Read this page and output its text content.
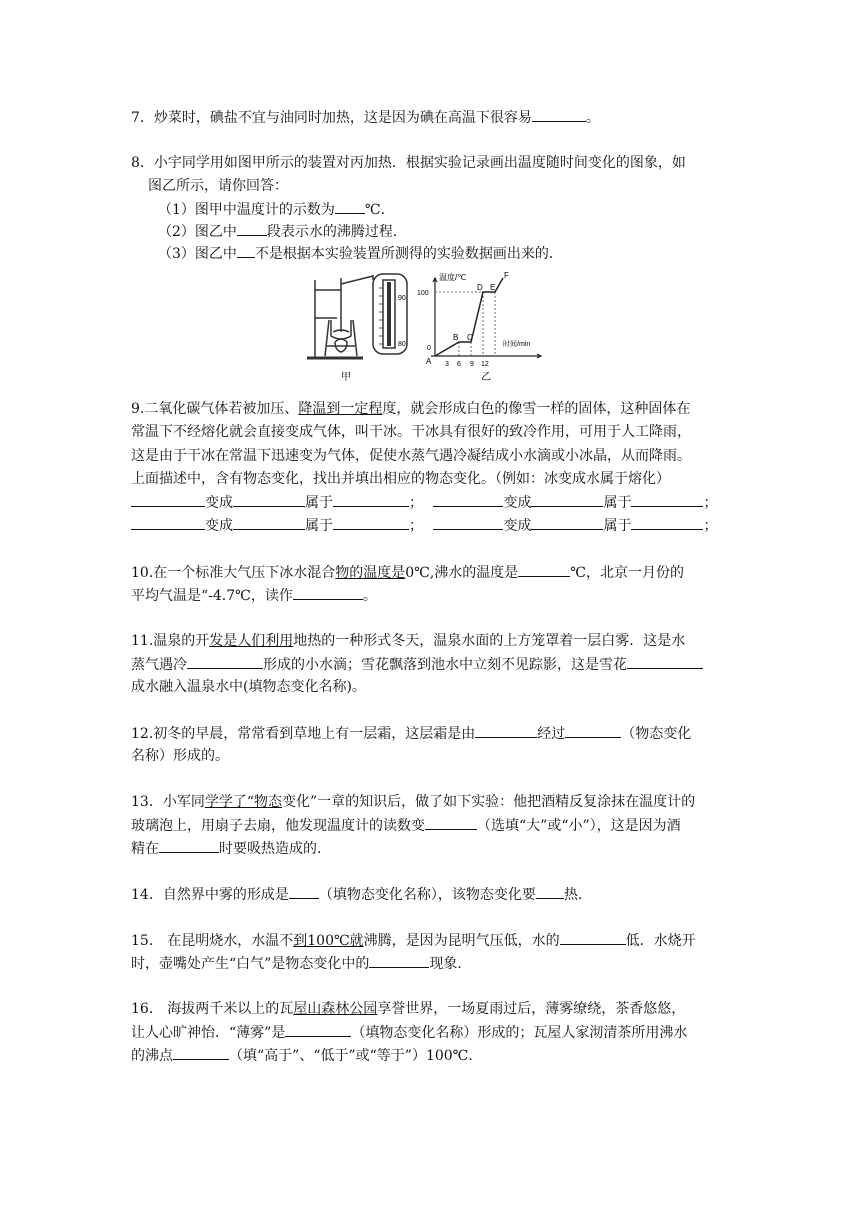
7．炒菜时，碘盐不宜与油同时加热，这是因为碘在高温下很容易	。
8．小宇同学用如图甲所示的装置对丙加热．根据实验记录画出温度随时间变化的图象，如
图乙所示，请你回答：
（1）图甲中温度计的示数为 ℃．
（2）图乙中 段表示水的沸腾过程．
（3）图乙中 不是根据本实验装置所测得的实验数据画出来的．
90
80
甲
温度/℃
时间/min
100
0
3 6 9 12
A
B C
D E
F
乙
9.二氧化碳气体若被加压、降温到一定程度，就会形成白色的像雪一样的固体，这种固体在
常温下不经熔化就会直接变成气体，叫干冰。干冰具有很好的致冷作用，可用于人工降雨，
这是由于干冰在常温下迅速变为气体，促使水蒸气遇冷凝结成小水滴或小冰晶，从而降雨。
上面描述中，含有物态变化，找出并填出相应的物态变化。（例如：冰变成水属于熔化）
变成	属于	；	变成	属于	；
变成	属于	；	变成	属于	；
10.在一个标准大气压下冰水混合物的温度是0℃,沸水的温度是	℃，北京一月份的
平均气温是“-4.7℃，读作	。
11.温泉的开发是人们利用地热的一种形式冬天，温泉水面的上方笼罩着一层白雾．这是水
蒸气遇冷	形成的小水滴；雪花飘落到池水中立刻不见踪影，这是雪花
成水融入温泉水中(填物态变化名称)。
12.初冬的早晨，常常看到草地上有一层霜，这层霜是由	经过	（物态变化
名称）形成的。
13．小军同学学了“物态变化”一章的知识后，做了如下实验：他把酒精反复涂抹在温度计的
玻璃泡上，用扇子去扇，他发现温度计的读数变	（选填“大”或“小”），这是因为酒
精在	时要吸热造成的．
14．自然界中雾的形成是 （填物态变化名称），该物态变化要 热．
15． 在昆明烧水，水温不到100℃就沸腾，是因为昆明气压低，水的	低．水烧开
时，壶嘴处产生“白气”是物态变化中的	现象．
16． 海拔两千米以上的瓦屋山森林公园享誉世界，一场夏雨过后，薄雾缭绕，茶香悠悠，
让人心旷神怡．“薄雾”是	（填物态变化名称）形成的；瓦屋人家沏清茶所用沸水
的沸点	（填“高于”、“低于”或“等于”）100℃．
